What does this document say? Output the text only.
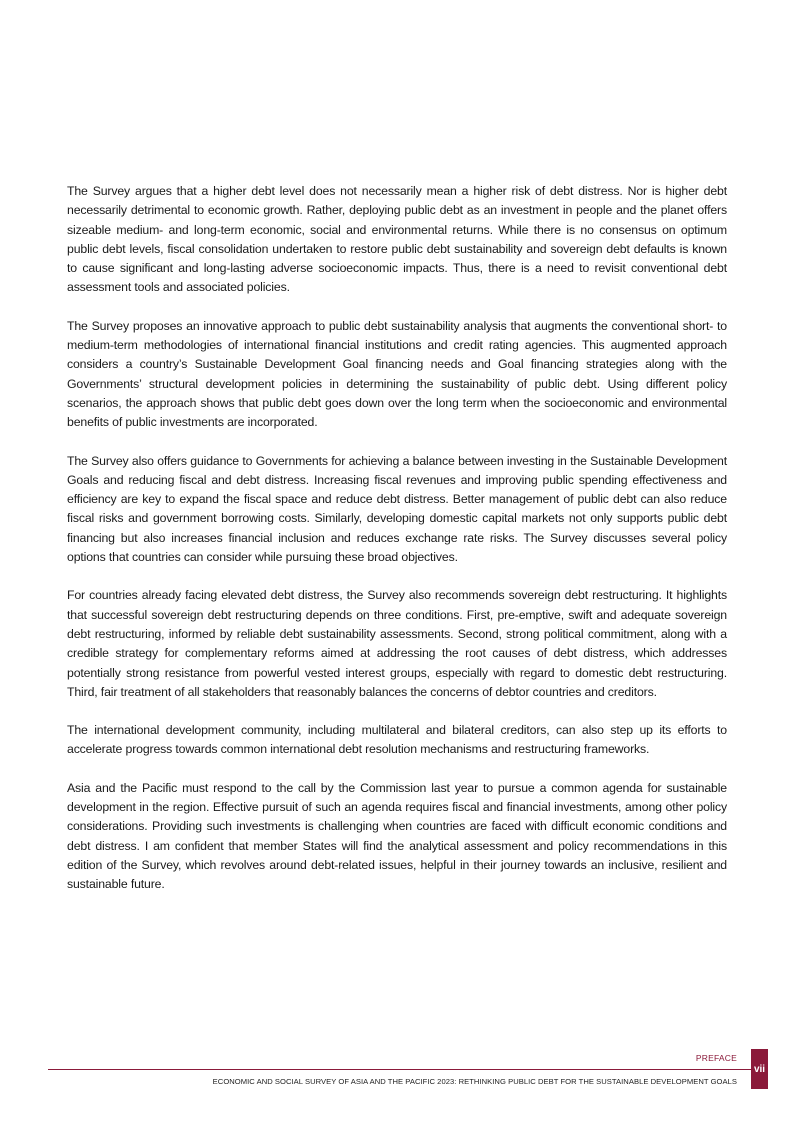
The Survey argues that a higher debt level does not necessarily mean a higher risk of debt distress. Nor is higher debt necessarily detrimental to economic growth. Rather, deploying public debt as an investment in people and the planet offers sizeable medium- and long-term economic, social and environmental returns. While there is no consensus on optimum public debt levels, fiscal consolidation undertaken to restore public debt sustainability and sovereign debt defaults is known to cause significant and long-lasting adverse socioeconomic impacts. Thus, there is a need to revisit conventional debt assessment tools and associated policies.

The Survey proposes an innovative approach to public debt sustainability analysis that augments the conventional short- to medium-term methodologies of international financial institutions and credit rating agencies. This augmented approach considers a country’s Sustainable Development Goal financing needs and Goal financing strategies along with the Governments’ structural development policies in determining the sustainability of public debt. Using different policy scenarios, the approach shows that public debt goes down over the long term when the socioeconomic and environmental benefits of public investments are incorporated.

The Survey also offers guidance to Governments for achieving a balance between investing in the Sustainable Development Goals and reducing fiscal and debt distress. Increasing fiscal revenues and improving public spending effectiveness and efficiency are key to expand the fiscal space and reduce debt distress. Better management of public debt can also reduce fiscal risks and government borrowing costs. Similarly, developing domestic capital markets not only supports public debt financing but also increases financial inclusion and reduces exchange rate risks. The Survey discusses several policy options that countries can consider while pursuing these broad objectives.

For countries already facing elevated debt distress, the Survey also recommends sovereign debt restructuring. It highlights that successful sovereign debt restructuring depends on three conditions. First, pre-emptive, swift and adequate sovereign debt restructuring, informed by reliable debt sustainability assessments. Second, strong political commitment, along with a credible strategy for complementary reforms aimed at addressing the root causes of debt distress, which addresses potentially strong resistance from powerful vested interest groups, especially with regard to domestic debt restructuring. Third, fair treatment of all stakeholders that reasonably balances the concerns of debtor countries and creditors.

The international development community, including multilateral and bilateral creditors, can also step up its efforts to accelerate progress towards common international debt resolution mechanisms and restructuring frameworks.

Asia and the Pacific must respond to the call by the Commission last year to pursue a common agenda for sustainable development in the region. Effective pursuit of such an agenda requires fiscal and financial investments, among other policy considerations. Providing such investments is challenging when countries are faced with difficult economic conditions and debt distress. I am confident that member States will find the analytical assessment and policy recommendations in this edition of the Survey, which revolves around debt-related issues, helpful in their journey towards an inclusive, resilient and sustainable future.

PREFACE
ECONOMIC AND SOCIAL SURVEY OF ASIA AND THE PACIFIC 2023: RETHINKING PUBLIC DEBT FOR THE SUSTAINABLE DEVELOPMENT GOALS
vii
